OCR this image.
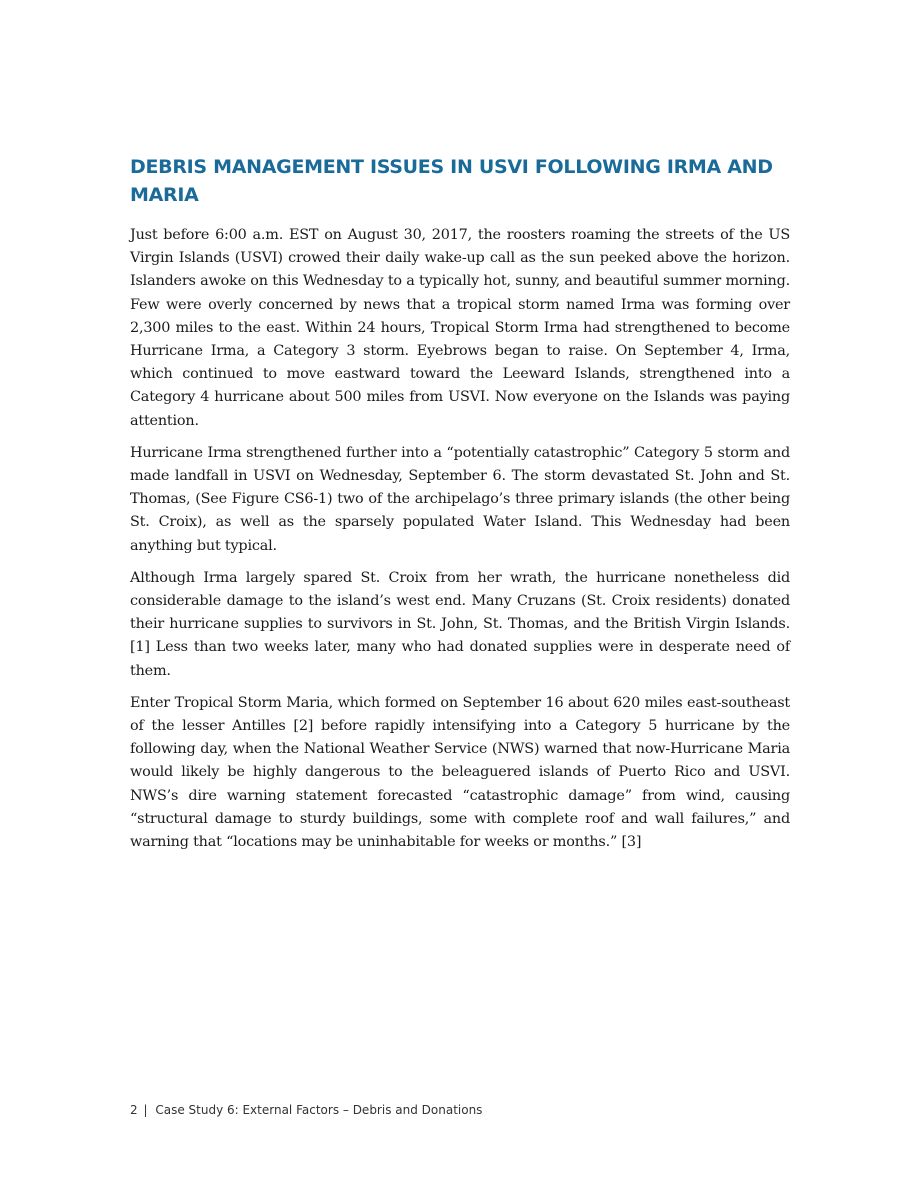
DEBRIS MANAGEMENT ISSUES IN USVI FOLLOWING IRMA AND MARIA

Just before 6:00 a.m. EST on August 30, 2017, the roosters roaming the streets of the US Virgin Islands (USVI) crowed their daily wake-up call as the sun peeked above the horizon. Islanders awoke on this Wednesday to a typically hot, sunny, and beautiful summer morning. Few were overly concerned by news that a tropical storm named Irma was forming over 2,300 miles to the east. Within 24 hours, Tropical Storm Irma had strengthened to become Hurricane Irma, a Category 3 storm. Eyebrows began to raise. On September 4, Irma, which continued to move eastward toward the Leeward Islands, strengthened into a Category 4 hurricane about 500 miles from USVI. Now everyone on the Islands was paying attention.

Hurricane Irma strengthened further into a “potentially catastrophic” Category 5 storm and made landfall in USVI on Wednesday, September 6. The storm devastated St. John and St. Thomas, (See Figure CS6-1) two of the archipelago’s three primary islands (the other being St. Croix), as well as the sparsely populated Water Island. This Wednesday had been anything but typical.

Although Irma largely spared St. Croix from her wrath, the hurricane nonetheless did considerable damage to the island’s west end. Many Cruzans (St. Croix residents) donated their hurricane supplies to survivors in St. John, St. Thomas, and the British Virgin Islands. [1] Less than two weeks later, many who had donated supplies were in desperate need of them.

Enter Tropical Storm Maria, which formed on September 16 about 620 miles east-southeast of the lesser Antilles [2] before rapidly intensifying into a Category 5 hurricane by the following day, when the National Weather Service (NWS) warned that now-Hurricane Maria would likely be highly dangerous to the beleaguered islands of Puerto Rico and USVI. NWS’s dire warning statement forecasted “catastrophic damage” from wind, causing “structural damage to sturdy buildings, some with complete roof and wall failures,” and warning that “locations may be uninhabitable for weeks or months.” [3]

2 | Case Study 6: External Factors – Debris and Donations
